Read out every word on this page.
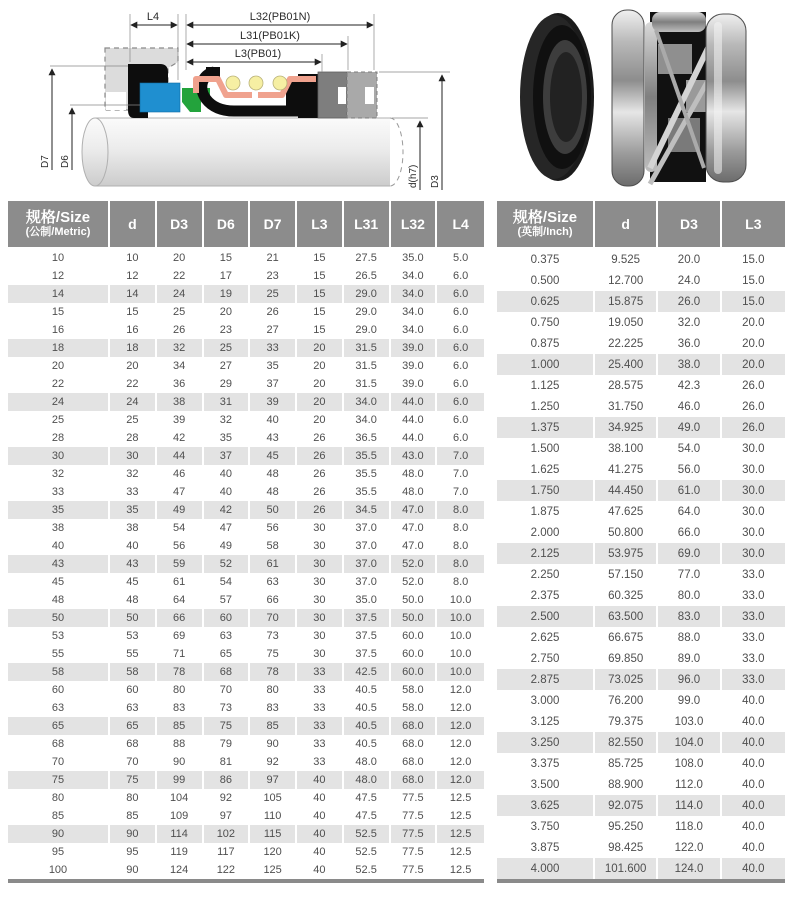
L4	L32(PB01N)
L31(PB01K)
L3(PB01)
D7 D6
d(h7) D3
规格/Size
(公制/Metric)	d	D3	D6	D7	L3	L31	L32	L4
10	10	20	15	21	15	27.5	35.0	5.0
12	12	22	17	23	15	26.5	34.0	6.0
14	14	24	19	25	15	29.0	34.0	6.0
15	15	25	20	26	15	29.0	34.0	6.0
16	16	26	23	27	15	29.0	34.0	6.0
18	18	32	25	33	20	31.5	39.0	6.0
20	20	34	27	35	20	31.5	39.0	6.0
22	22	36	29	37	20	31.5	39.0	6.0
24	24	38	31	39	20	34.0	44.0	6.0
25	25	39	32	40	20	34.0	44.0	6.0
28	28	42	35	43	26	36.5	44.0	6.0
30	30	44	37	45	26	35.5	43.0	7.0
32	32	46	40	48	26	35.5	48.0	7.0
33	33	47	40	48	26	35.5	48.0	7.0
35	35	49	42	50	26	34.5	47.0	8.0
38	38	54	47	56	30	37.0	47.0	8.0
40	40	56	49	58	30	37.0	47.0	8.0
43	43	59	52	61	30	37.0	52.0	8.0
45	45	61	54	63	30	37.0	52.0	8.0
48	48	64	57	66	30	35.0	50.0	10.0
50	50	66	60	70	30	37.5	50.0	10.0
53	53	69	63	73	30	37.5	60.0	10.0
55	55	71	65	75	30	37.5	60.0	10.0
58	58	78	68	78	33	42.5	60.0	10.0
60	60	80	70	80	33	40.5	58.0	12.0
63	63	83	73	83	33	40.5	58.0	12.0
65	65	85	75	85	33	40.5	68.0	12.0
68	68	88	79	90	33	40.5	68.0	12.0
70	70	90	81	92	33	48.0	68.0	12.0
75	75	99	86	97	40	48.0	68.0	12.0
80	80	104	92	105	40	47.5	77.5	12.5
85	85	109	97	110	40	47.5	77.5	12.5
90	90	114	102	115	40	52.5	77.5	12.5
95	95	119	117	120	40	52.5	77.5	12.5
100	90	124	122	125	40	52.5	77.5	12.5
规格/Size
(英制/Inch)	d	D3	L3
0.375	9.525	20.0	15.0
0.500	12.700	24.0	15.0
0.625	15.875	26.0	15.0
0.750	19.050	32.0	20.0
0.875	22.225	36.0	20.0
1.000	25.400	38.0	20.0
1.125	28.575	42.3	26.0
1.250	31.750	46.0	26.0
1.375	34.925	49.0	26.0
1.500	38.100	54.0	30.0
1.625	41.275	56.0	30.0
1.750	44.450	61.0	30.0
1.875	47.625	64.0	30.0
2.000	50.800	66.0	30.0
2.125	53.975	69.0	30.0
2.250	57.150	77.0	33.0
2.375	60.325	80.0	33.0
2.500	63.500	83.0	33.0
2.625	66.675	88.0	33.0
2.750	69.850	89.0	33.0
2.875	73.025	96.0	33.0
3.000	76.200	99.0	40.0
3.125	79.375	103.0	40.0
3.250	82.550	104.0	40.0
3.375	85.725	108.0	40.0
3.500	88.900	112.0	40.0
3.625	92.075	114.0	40.0
3.750	95.250	118.0	40.0
3.875	98.425	122.0	40.0
4.000	101.600	124.0	40.0
